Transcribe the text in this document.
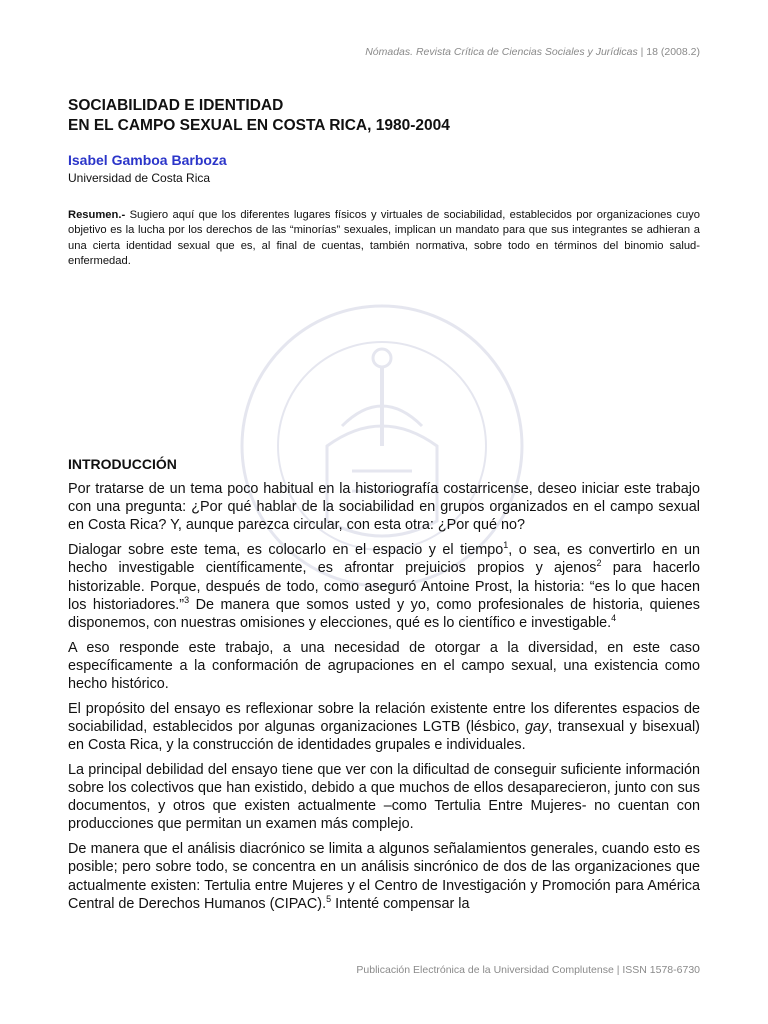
Nómadas. Revista Crítica de Ciencias Sociales y Jurídicas | 18 (2008.2)
SOCIABILIDAD E IDENTIDAD
EN EL CAMPO SEXUAL EN COSTA RICA, 1980-2004
Isabel Gamboa Barboza
Universidad de Costa Rica
Resumen.- Sugiero aquí que los diferentes lugares físicos y virtuales de sociabilidad, establecidos por organizaciones cuyo objetivo es la lucha por los derechos de las “minorías” sexuales, implican un mandato para que sus integrantes se adhieran a una cierta identidad sexual que es, al final de cuentas, también normativa, sobre todo en términos del binomio salud-enfermedad.
INTRODUCCIÓN

Por tratarse de un tema poco habitual en la historiografía costarricense, deseo iniciar este trabajo con una pregunta: ¿Por qué hablar de la sociabilidad en grupos organizados en el campo sexual en Costa Rica? Y, aunque parezca circular, con esta otra: ¿Por qué no?

Dialogar sobre este tema, es colocarlo en el espacio y el tiempo$^1$, o sea, es convertirlo en un hecho investigable científicamente, es afrontar prejuicios propios y ajenos$^2$ para hacerlo historizable. Porque, después de todo, como aseguró Antoine Prost, la historia: “es lo que hacen los historiadores.”$^3$ De manera que somos usted y yo, como profesionales de historia, quienes disponemos, con nuestras omisiones y elecciones, qué es lo científico e investigable.$^4$

A eso responde este trabajo, a una necesidad de otorgar a la diversidad, en este caso específicamente a la conformación de agrupaciones en el campo sexual, una existencia como hecho histórico.

El propósito del ensayo es reflexionar sobre la relación existente entre los diferentes espacios de sociabilidad, establecidos por algunas organizaciones LGTB (lésbico, gay, transexual y bisexual) en Costa Rica, y la construcción de identidades grupales e individuales.

La principal debilidad del ensayo tiene que ver con la dificultad de conseguir suficiente información sobre los colectivos que han existido, debido a que muchos de ellos desaparecieron, junto con sus documentos, y otros que existen actualmente –como Tertulia Entre Mujeres- no cuentan con producciones que permitan un examen más complejo.

De manera que el análisis diacrónico se limita a algunos señalamientos generales, cuando esto es posible; pero sobre todo, se concentra en un análisis sincrónico de dos de las organizaciones que actualmente existen: Tertulia entre Mujeres y el Centro de Investigación y Promoción para América Central de Derechos Humanos (CIPAC).$^5$ Intenté compensar la

Publicación Electrónica de la Universidad Complutense | ISSN 1578-6730
